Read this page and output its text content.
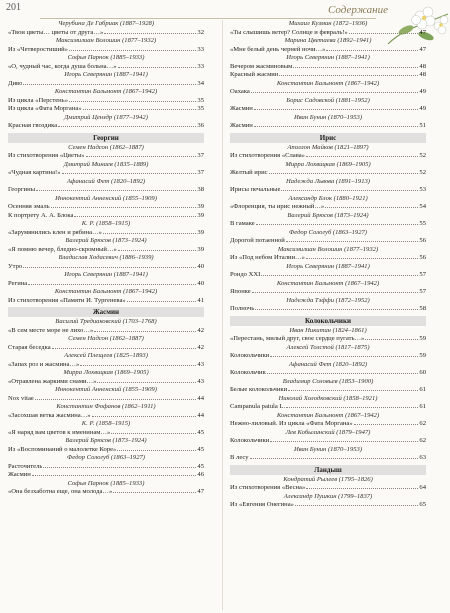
201	Содержание
Черубина Де Габриак (1887–1928)
«Твои цветы… цветы от друга…»	32
Максимилиан Волошин (1877–1932)
Из «Четверостиший»	33
Софья Парнок (1885–1933)
«О, чудный час, когда душа больна…»	33
Игорь Северянин (1887–1941)
Диво	34
Константин Бальмонт (1867–1942)
Из цикла «Перстень»	35
Из цикла «Фата Моргана»	35
Дмитрий Ценздр (1877–1942)
Красная гвоздика	36
Георгин
Семен Надсон (1862–1887)
Из стихотворения «Цветы»	37
Дмитрий Минаев (1835–1889)
«Чудная картина!»	37
Афанасий Фет (1820–1892)
Георгины	38
Иннокентий Анненский (1855–1909)
Осенняя эмаль	39
К портрету А. А. Блока	39
К. Р. (1858–1915)
«Зарумянились клен и рябина…»	39
Валерий Брюсов (1873–1924)
«Я помню вечер, бледно-скромный…»	39
Владислав Ходасевич (1886–1939)
Утро	40
Игорь Северянин (1887–1941)
Регина	40
Константин Бальмонт (1867–1942)
Из стихотворения «Памяти И. Тургенева»	41
Жасмин
Василий Тредиаковский (1703–1768)
«В сем месте море не лихо…»	42
Семен Надсон (1862–1887)
Старая беседка	42
Алексей Плещеев (1825–1893)
«Запах роз и жасмина…»	43
Мирра Лохвицкая (1869–1905)
«Отравлена жаркими снами…»	43
Иннокентий Анненский (1855–1909)
Nox vitae	44
Константин Фофанов (1862–1911)
«Засохшая ветка жасмина…»	44
К. Р. (1858–1915)
«Я наряд вам цветов к именинам…»	45
Валерий Брюсов (1873–1924)
Из «Воспоминаний о малолетке Коре»	45
Федор Сологуб (1863–1927)
Расточитель	45
Жасмин	46
Софья Парнок (1885–1933)
«Она безхаботна еще, она молода…»	47
Михаил Кузмин (1872–1936)
«Ты слышишь ветер? Солнце и февраль!»	47
Марина Цветаева (1892–1941)
«Мне белый день черней ночи…»	47
Игорь Северянин (1887–1941)
Вечером жасминовым	48
Красный жасмин	48
Константин Бальмонт (1867–1942)
Оахака	49
Борис Садовской (1881–1952)
Жасмин	49
Иван Бунин (1870–1953)
Жасмин	51
Ирис
Аполлон Майков (1821–1897)
Из стихотворения «Слава»	52
Мирра Лохвицкая (1869–1905)
Желтый ирис	52
Надежда Львова (1891–1913)
Ирисы печальные	53
Александр Блок (1880–1921)
«Флоренция, ты ирис нежный…»	54
Валерий Брюсов (1873–1924)
В гамаке	55
Федор Сологуб (1863–1927)
Дорогой потаенной	56
Максимилиан Волошин (1877–1932)
Из «Под небом Италии…»	56
Игорь Северянин (1887–1941)
Рондо XXI	57
Константин Бальмонт (1867–1942)
Японке	57
Надежда Тэффи (1872–1952)
Полночь	58
Колокольчики
Иван Никитин (1824–1861)
«Перестань, милый друг, свое сердце пугать…»	59
Алексей Толстой (1817–1875)
Колокольчики	59
Афанасий Фет (1820–1892)
Колокольчик	60
Владимир Соловьев (1853–1900)
Белые колокольчики	61
Николай Холодковский (1858–1921)
Campanula patula L.	61
Константин Бальмонт (1867–1942)
Нежно-лиловый. Из цикла «Фата Моргана»	62
Лев Кобылинский (1879–1947)
Колокольчики	62
Иван Бунин (1870–1953)
В лесу	63
Ландыш
Кондратий Рылеев (1795–1826)
Из стихотворения «Весна»	64
Александр Пушкин (1799–1837)
Из «Евгения Онегина»	65
